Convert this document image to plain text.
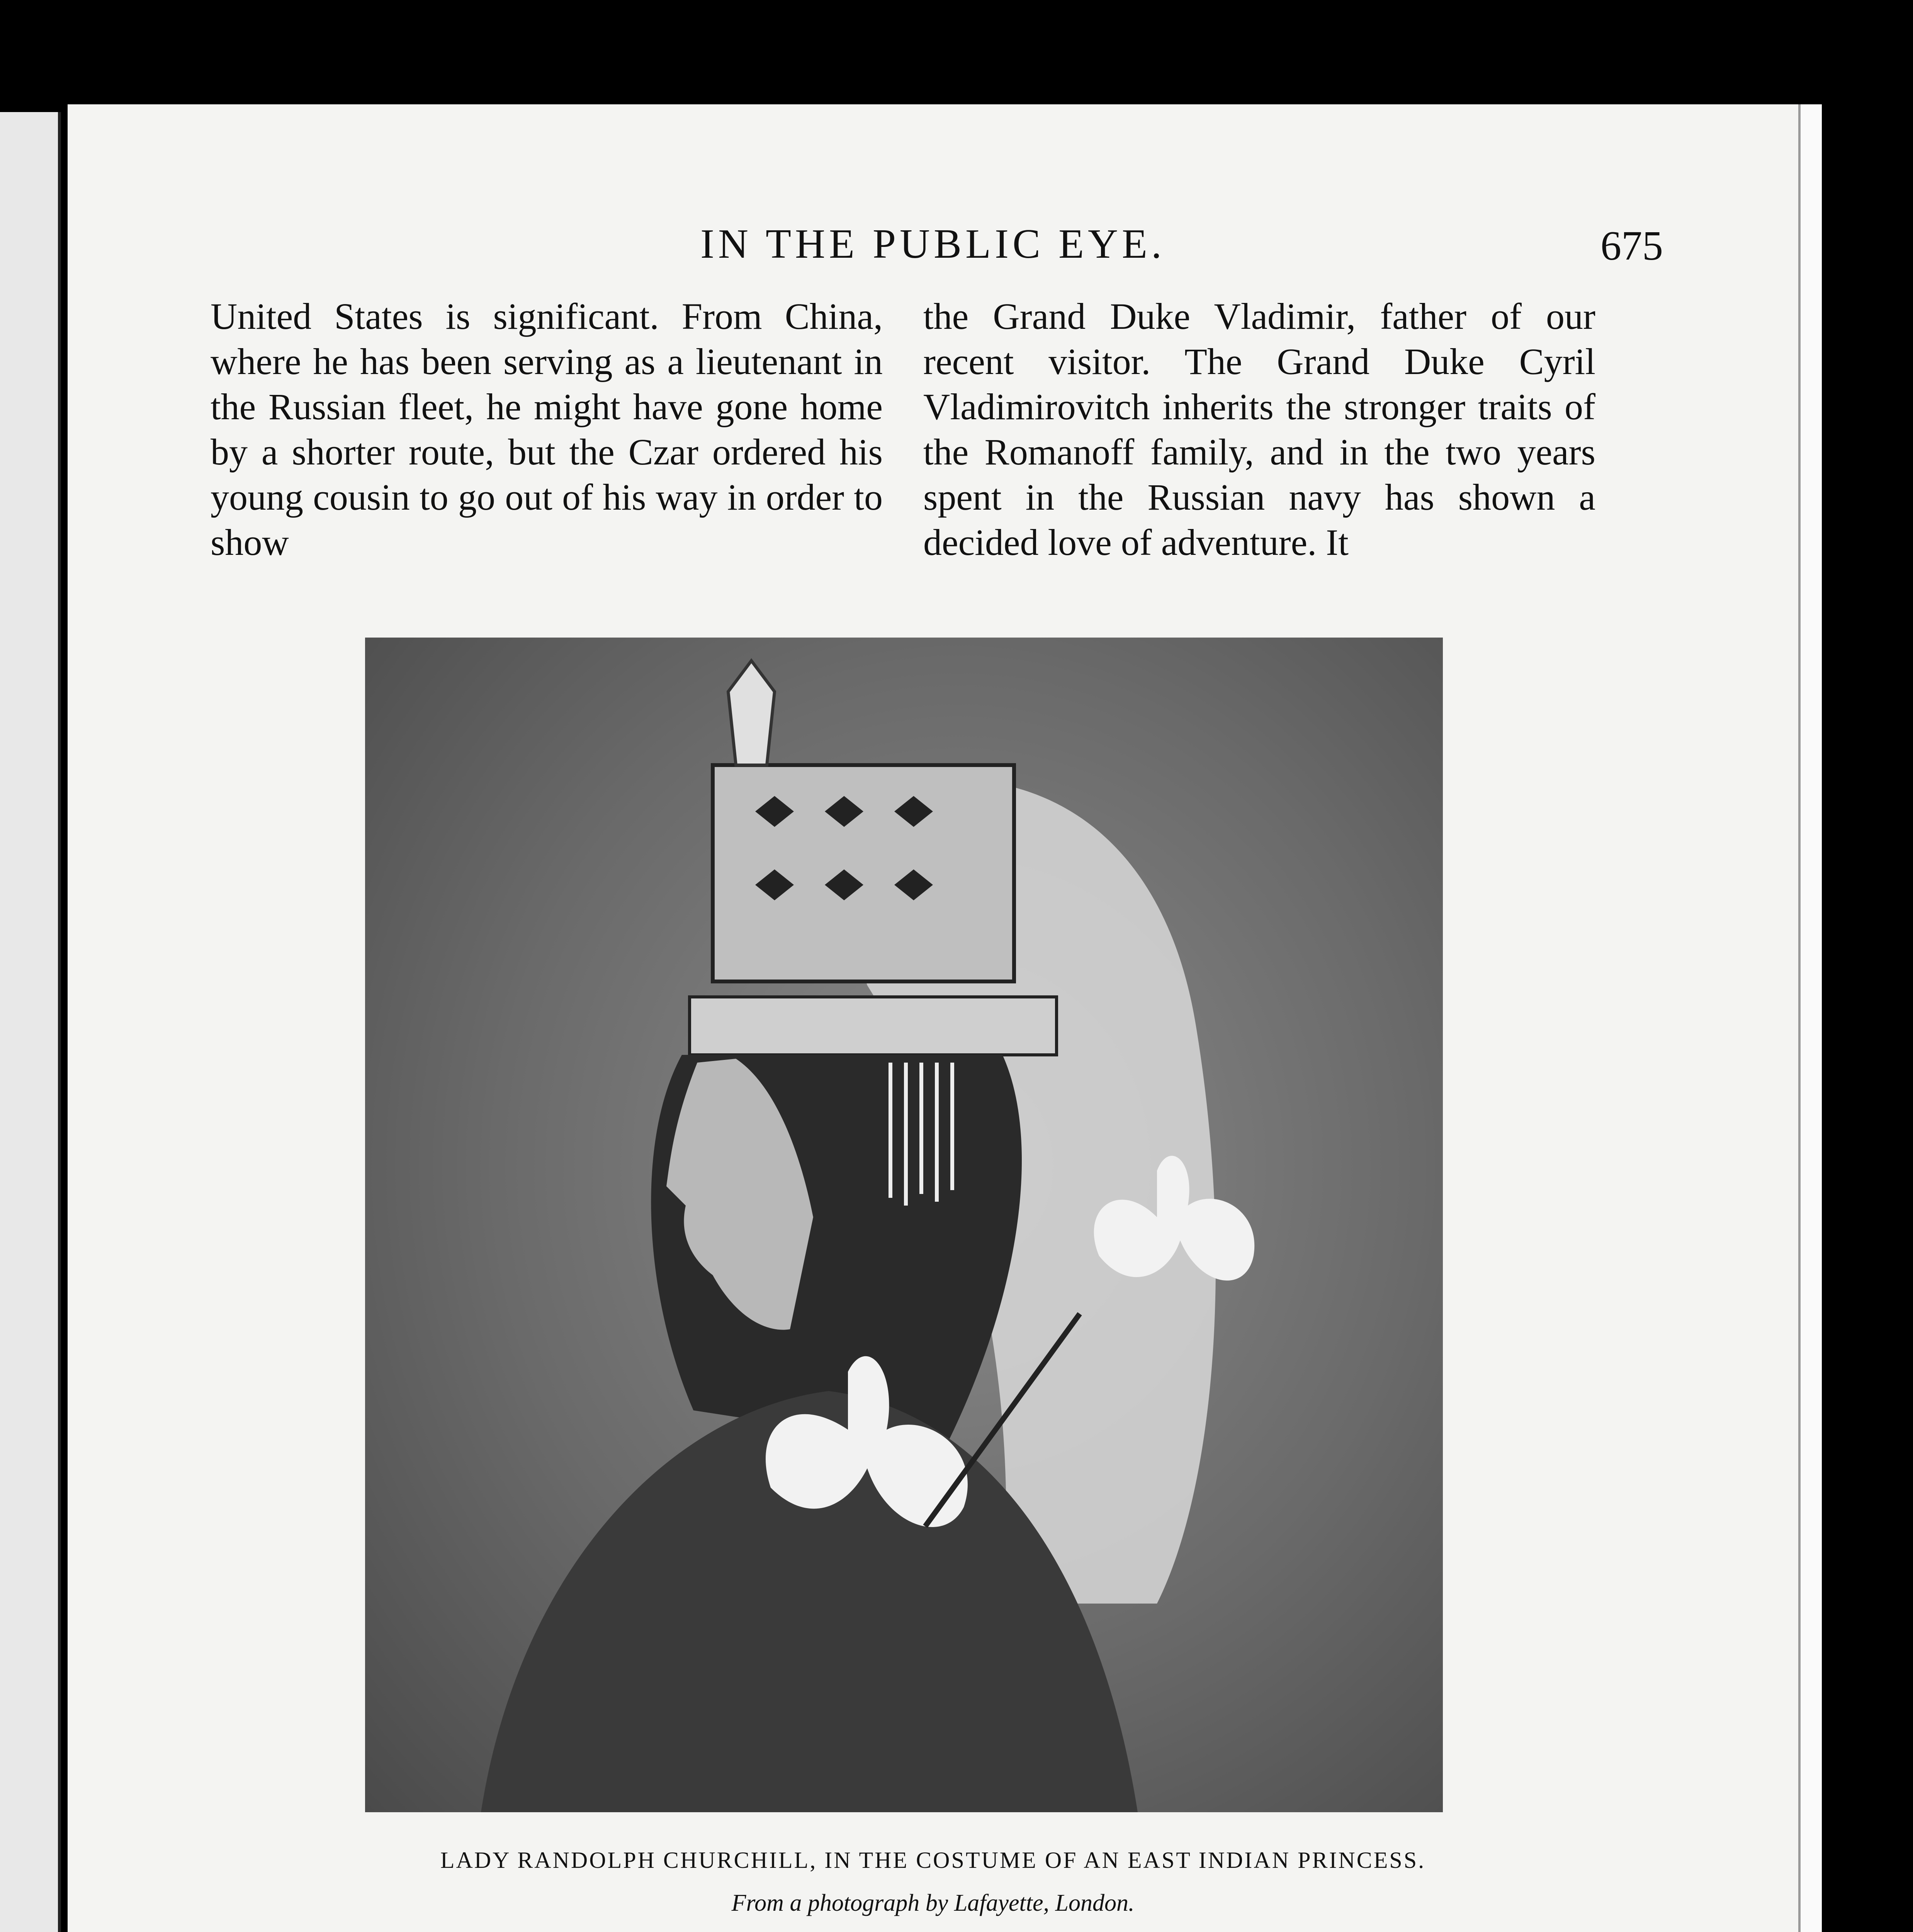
IN THE PUBLIC EYE.	675

United States is significant. From China, where he has been serving as a lieutenant in the Russian fleet, he might have gone home by a shorter route, but the Czar ordered his young cousin to go out of his way in order to show

the Grand Duke Vladimir, father of our recent visitor. The Grand Duke Cyril Vladimirovitch inherits the stronger traits of the Romanoff family, and in the two years spent in the Russian navy has shown a decided love of adventure. It

LADY RANDOLPH CHURCHILL, IN THE COSTUME OF AN EAST INDIAN PRINCESS.
From a photograph by Lafayette, London.
